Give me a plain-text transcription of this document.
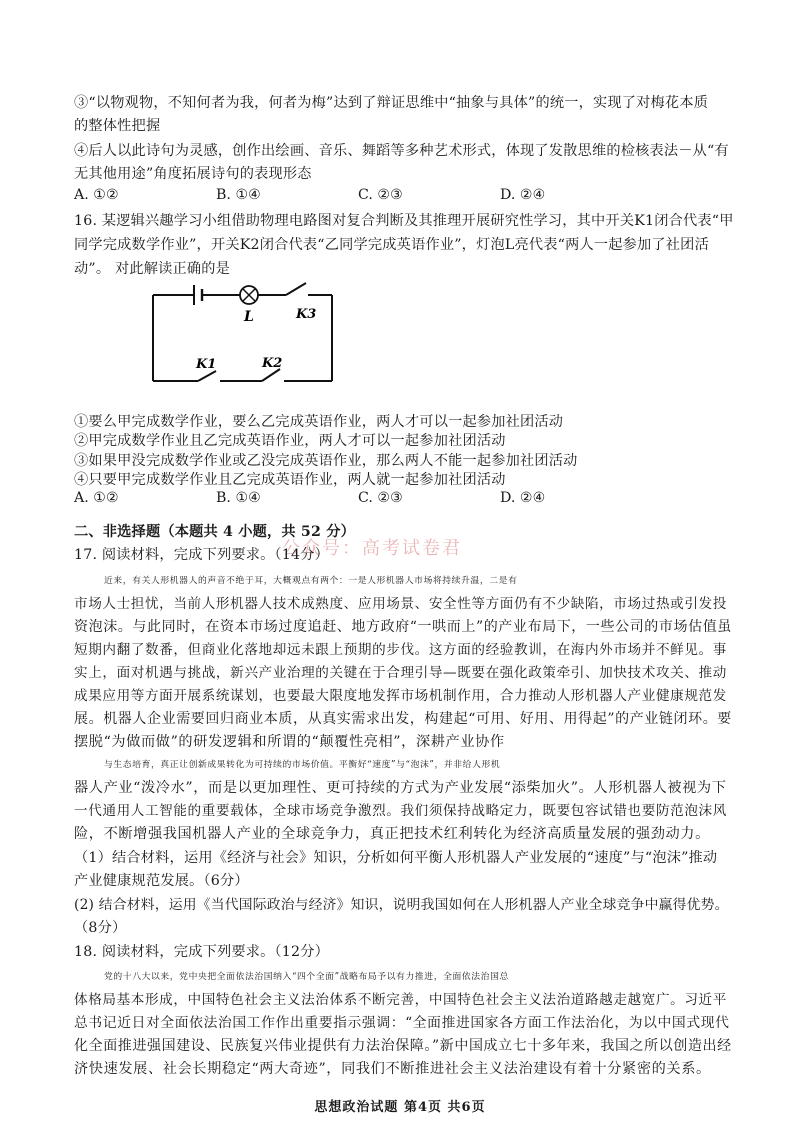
③“以物观物，不知何者为我，何者为梅”达到了辩证思维中“抽象与具体”的统一，实现了对梅花本质
的整体性把握
④后人以此诗句为灵感，创作出绘画、音乐、舞蹈等多种艺术形式，体现了发散思维的检核表法－从“有
无其他用途”角度拓展诗句的表现形态
A. ①②	B. ①④	C. ②③	D. ②④
16. 某逻辑兴趣学习小组借助物理电路图对复合判断及其推理开展研究性学习，其中开关K1闭合代表“甲
同学完成数学作业”，开关K2闭合代表“乙同学完成英语作业”，灯泡L亮代表“两人一起参加了社团活
动”。 对此解读正确的是
L	K3
K1	K2
①要么甲完成数学作业，要么乙完成英语作业，两人才可以一起参加社团活动
②甲完成数学作业且乙完成英语作业，两人才可以一起参加社团活动
③如果甲没完成数学作业或乙没完成英语作业，那么两人不能一起参加社团活动
④只要甲完成数学作业且乙完成英语作业，两人就一起参加社团活动
A. ①②	B. ①④	C. ②③	D. ②④
二、非选择题（本题共 4 小题，共 52 分）
公众号：高考试卷君
17. 阅读材料，完成下列要求。（14分）
近来，有关人形机器人的声音不绝于耳，大概观点有两个：一是人形机器人市场将持续升温，二是有
市场人士担忧，当前人形机器人技术成熟度、应用场景、安全性等方面仍有不少缺陷，市场过热或引发投
资泡沫。与此同时，在资本市场过度追赶、地方政府“一哄而上”的产业布局下，一些公司的市场估值虽
短期内翻了数番，但商业化落地却远未跟上预期的步伐。这方面的经验教训，在海内外市场并不鲜见。事
实上，面对机遇与挑战，新兴产业治理的关键在于合理引导—既要在强化政策牵引、加快技术攻关、推动
成果应用等方面开展系统谋划，也要最大限度地发挥市场机制作用，合力推动人形机器人产业健康规范发
展。机器人企业需要回归商业本质，从真实需求出发，构建起“可用、好用、用得起”的产业链闭环。要
摆脱“为做而做”的研发逻辑和所谓的“颠覆性亮相”，深耕产业协作
与生态培育，真正让创新成果转化为可持续的市场价值。平衡好“速度”与“泡沫”，并非给人形机
器人产业“泼冷水”，而是以更加理性、更可持续的方式为产业发展“添柴加火”。人形机器人被视为下
一代通用人工智能的重要载体，全球市场竞争激烈。我们须保持战略定力，既要包容试错也要防范泡沫风
险，不断增强我国机器人产业的全球竞争力，真正把技术红利转化为经济高质量发展的强劲动力。
（1）结合材料，运用《经济与社会》知识，分析如何平衡人形机器人产业发展的“速度”与“泡沫”推动
产业健康规范发展。（6分）
(2) 结合材料，运用《当代国际政治与经济》知识，说明我国如何在人形机器人产业全球竞争中赢得优势。
（8分）
18. 阅读材料，完成下列要求。（12分）
党的十八大以来，党中央把全面依法治国纳入“四个全面”战略布局予以有力推进，全面依法治国总
体格局基本形成，中国特色社会主义法治体系不断完善，中国特色社会主义法治道路越走越宽广。习近平
总书记近日对全面依法治国工作作出重要指示强调：“全面推进国家各方面工作法治化，为以中国式现代
化全面推进强国建设、民族复兴伟业提供有力法治保障。”新中国成立七十多年来，我国之所以创造出经
济快速发展、社会长期稳定“两大奇迹”，同我们不断推进社会主义法治建设有着十分紧密的关系。
思想政治试题 第4页 共6页
